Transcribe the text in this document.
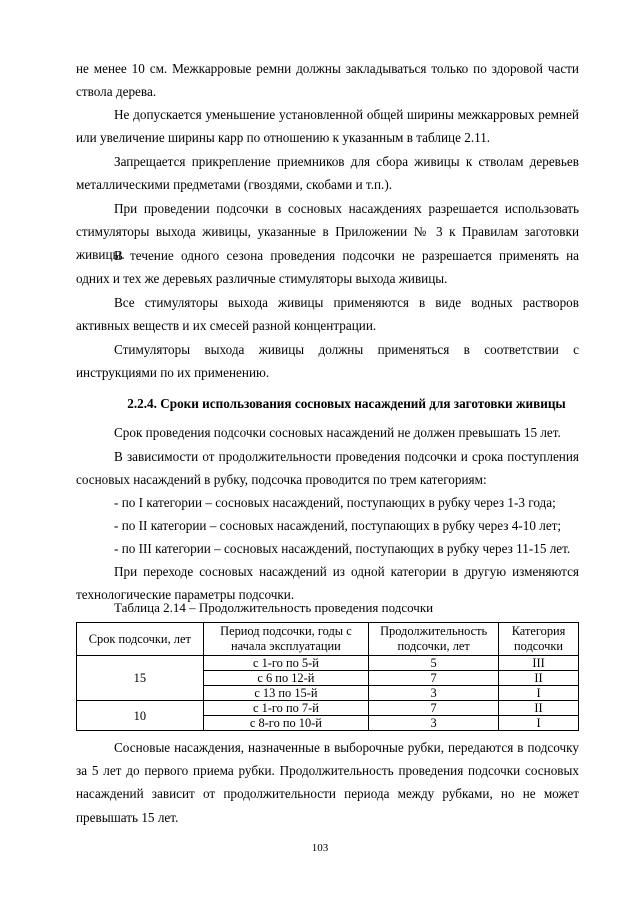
не менее 10 см. Межкарровые ремни должны закладываться только по здоровой части ствола дерева.

Не допускается уменьшение установленной общей ширины межкарровых ремней или увеличение ширины карр по отношению к указанным в таблице 2.11.

Запрещается прикрепление приемников для сбора живицы к стволам деревьев металлическими предметами (гвоздями, скобами и т.п.).

При проведении подсочки в сосновых насаждениях разрешается использовать стимуляторы выхода живицы, указанные в Приложении № 3 к Правилам заготовки живицы.

В течение одного сезона проведения подсочки не разрешается применять на одних и тех же деревьях различные стимуляторы выхода живицы.

Все стимуляторы выхода живицы применяются в виде водных растворов активных веществ и их смесей разной концентрации.

Стимуляторы выхода живицы должны применяться в соответствии с инструкциями по их применению.

2.2.4. Сроки использования сосновых насаждений для заготовки живицы

Срок проведения подсочки сосновых насаждений не должен превышать 15 лет.

В зависимости от продолжительности проведения подсочки и срока поступления сосновых насаждений в рубку, подсочка проводится по трем категориям:

- по I категории – сосновых насаждений, поступающих в рубку через 1-3 года;

- по II категории – сосновых насаждений, поступающих в рубку через 4-10 лет;

- по III категории – сосновых насаждений, поступающих в рубку через 11-15 лет.

При переходе сосновых насаждений из одной категории в другую изменяются технологические параметры подсочки.

Таблица 2.14 – Продолжительность проведения подсочки

Срок подсочки, лет	Период подсочки, годы с начала эксплуатации	Продолжительность подсочки, лет	Категория подсочки
15	с 1-го по 5-й	5	III
	с 6 по 12-й	7	II
	с 13 по 15-й	3	I
10	с 1-го по 7-й	7	II
	с 8-го по 10-й	3	I

Сосновые насаждения, назначенные в выборочные рубки, передаются в подсочку за 5 лет до первого приема рубки. Продолжительность проведения подсочки сосновых насаждений зависит от продолжительности периода между рубками, но не может превышать 15 лет.

103
